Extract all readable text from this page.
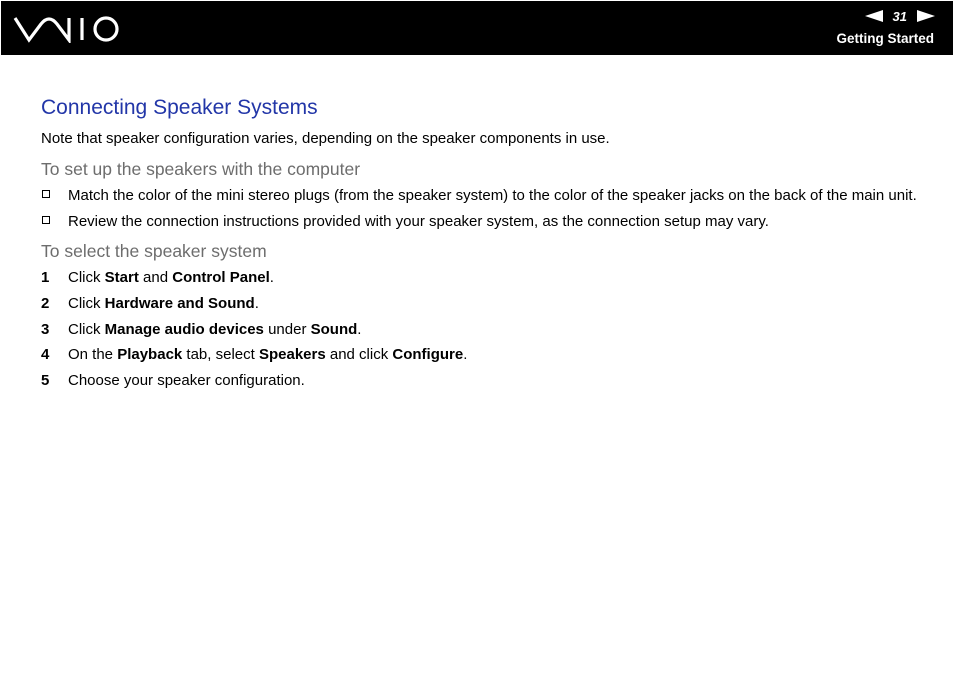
31
Getting Started
Connecting Speaker Systems

Note that speaker configuration varies, depending on the speaker components in use.

To set up the speakers with the computer
Match the color of the mini stereo plugs (from the speaker system) to the color of the speaker jacks on the back of the main unit.
Review the connection instructions provided with your speaker system, as the connection setup may vary.
To select the speaker system
1 Click Start and Control Panel.
2 Click Hardware and Sound.
3 Click Manage audio devices under Sound.
4 On the Playback tab, select Speakers and click Configure.
5 Choose your speaker configuration.
